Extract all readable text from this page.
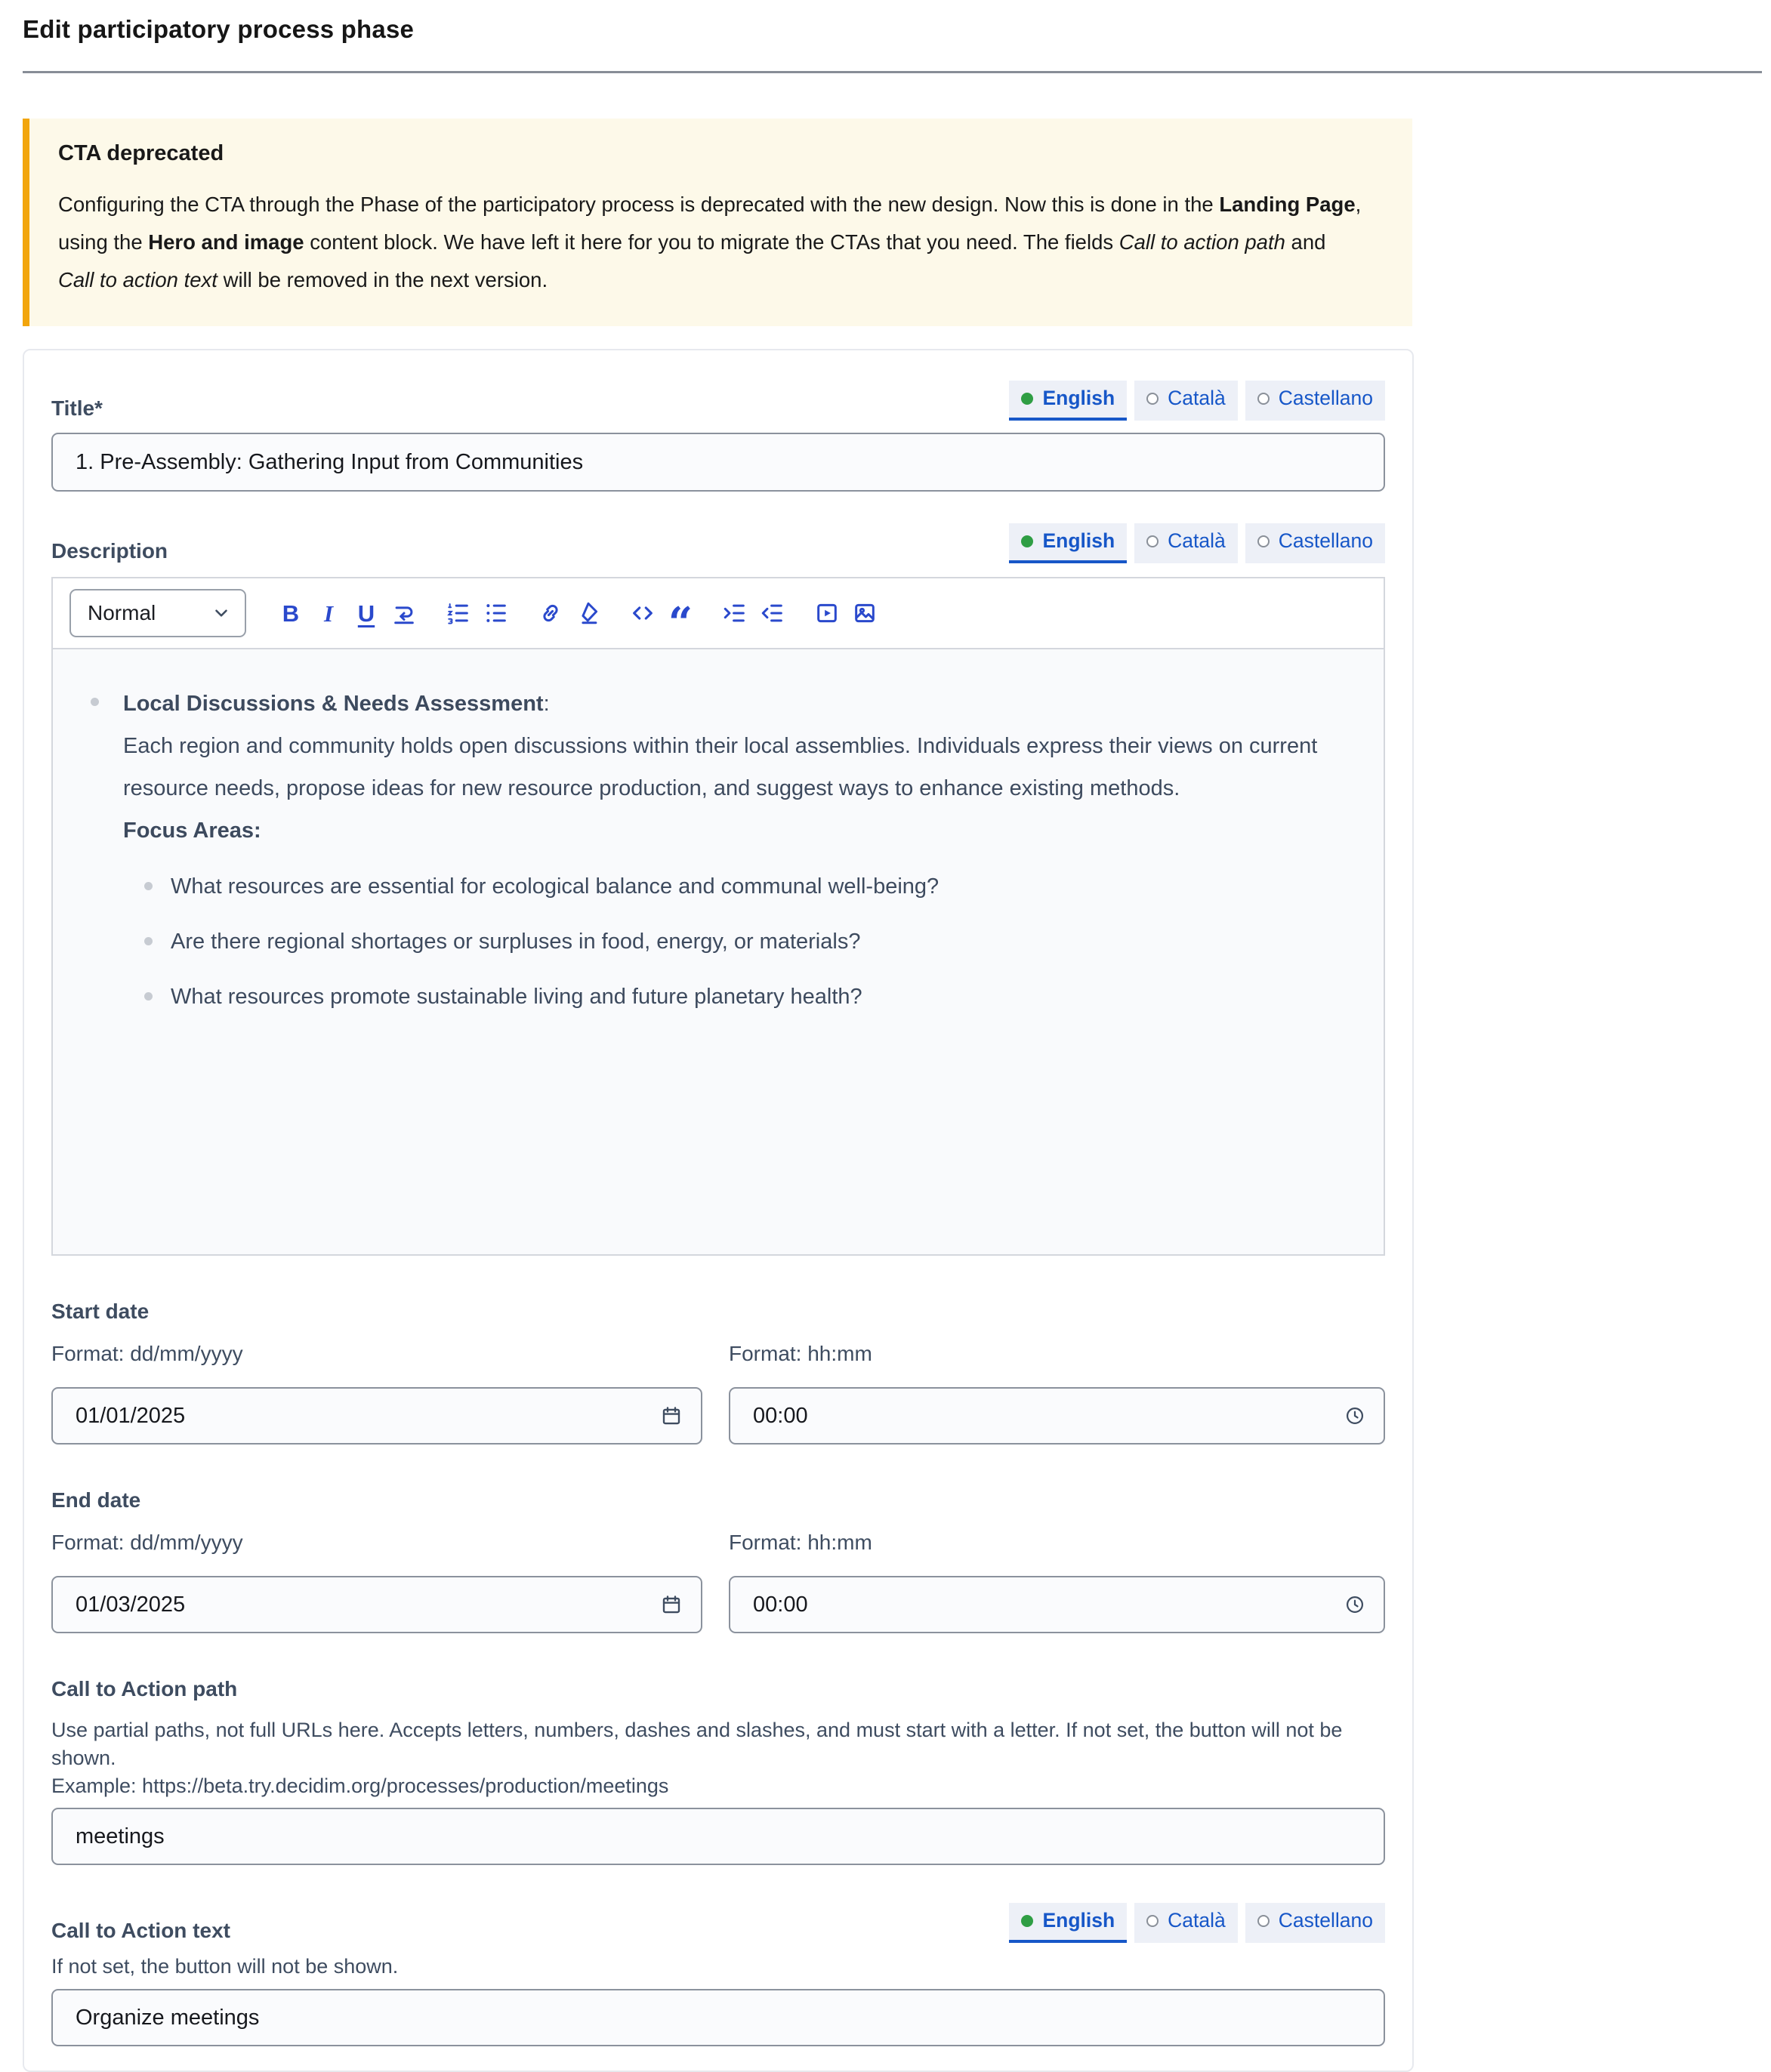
Edit participatory process phase
CTA deprecated

Configuring the CTA through the Phase of the participatory process is deprecated with the new design. Now this is done in the Landing Page, using the Hero and image content block. We have left it here for you to migrate the CTAs that you need. The fields Call to action path and Call to action text will be removed in the next version.

Title*	English	Català	Castellano
1. Pre-Assembly: Gathering Input from Communities
Description	English	Català	Castellano
Normal	B I U	“
Local Discussions & Needs Assessment:
Each region and community holds open discussions within their local assemblies. Individuals express their views on current resource needs, propose ideas for new resource production, and suggest ways to enhance existing methods.
Focus Areas:
What resources are essential for ecological balance and communal well-being?
Are there regional shortages or surpluses in food, energy, or materials?
What resources promote sustainable living and future planetary health?
Start date
Format: dd/mm/yyyy	Format: hh:mm
01/01/2025	00:00
End date
Format: dd/mm/yyyy	Format: hh:mm
01/03/2025	00:00
Call to Action path
Use partial paths, not full URLs here. Accepts letters, numbers, dashes and slashes, and must start with a letter. If not set, the button will not be shown.
Example: https://beta.try.decidim.org/processes/production/meetings
meetings
Call to Action text	English	Català	Castellano
If not set, the button will not be shown.
Organize meetings
